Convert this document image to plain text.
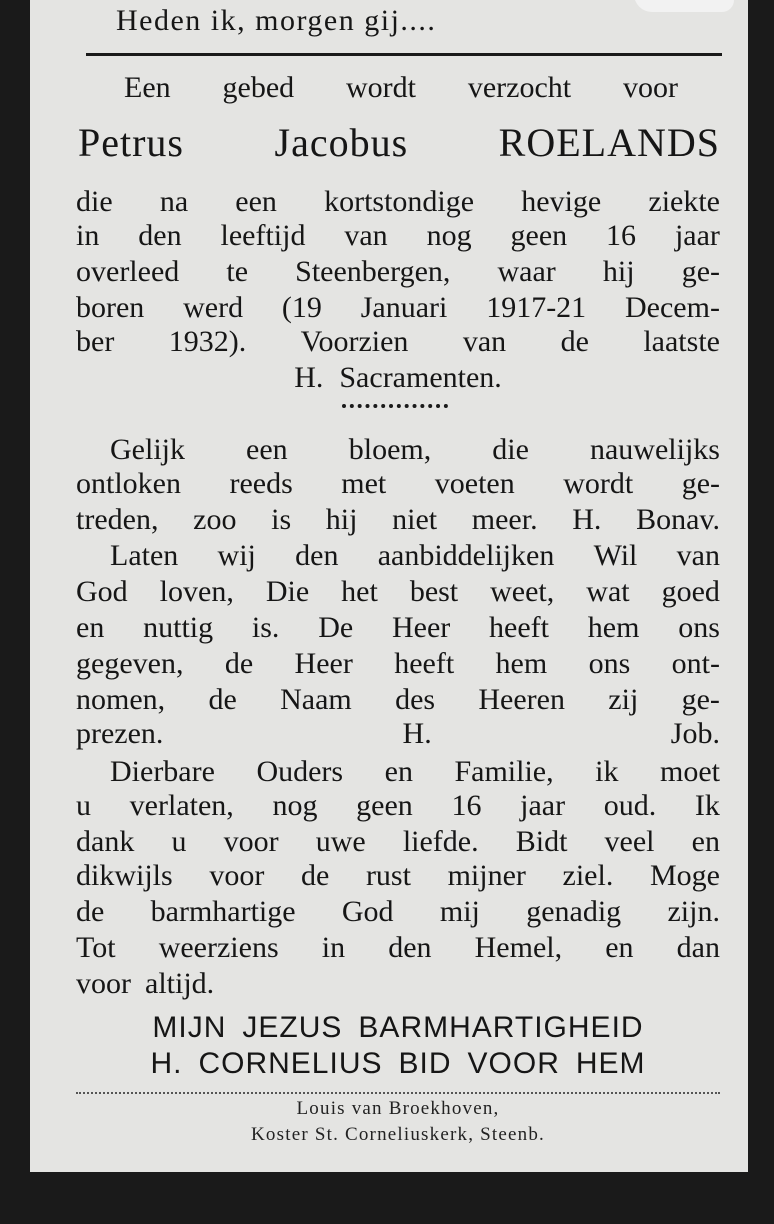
Heden ik, morgen gij....
Een gebed wordt verzocht voor
Petrus Jacobus ROELANDS
die na een kortstondige hevige ziekte
in den leeftijd van nog geen 16 jaar
overleed te Steenbergen, waar hij ge-
boren werd (19 Januari 1917-21 Decem-
ber 1932). Voorzien van de laatste
H. Sacramenten.
Gelijk een bloem, die nauwelijks
ontloken reeds met voeten wordt ge-
treden, zoo is hij niet meer. H. Bonav.
Laten wij den aanbiddelijken Wil van
God loven, Die het best weet, wat goed
en nuttig is. De Heer heeft hem ons
gegeven, de Heer heeft hem ons ont-
nomen, de Naam des Heeren zij ge-
prezen.	H.	Job.
Dierbare Ouders en Familie, ik moet
u verlaten, nog geen 16 jaar oud. Ik
dank u voor uwe liefde. Bidt veel en
dikwijls voor de rust mijner ziel. Moge
de barmhartige God mij genadig zijn.
Tot weerziens in den Hemel, en dan
voor altijd.
MIJN JEZUS BARMHARTIGHEID
H. CORNELIUS BID VOOR HEM
Louis van Broekhoven,
Koster St. Corneliuskerk, Steenb.
